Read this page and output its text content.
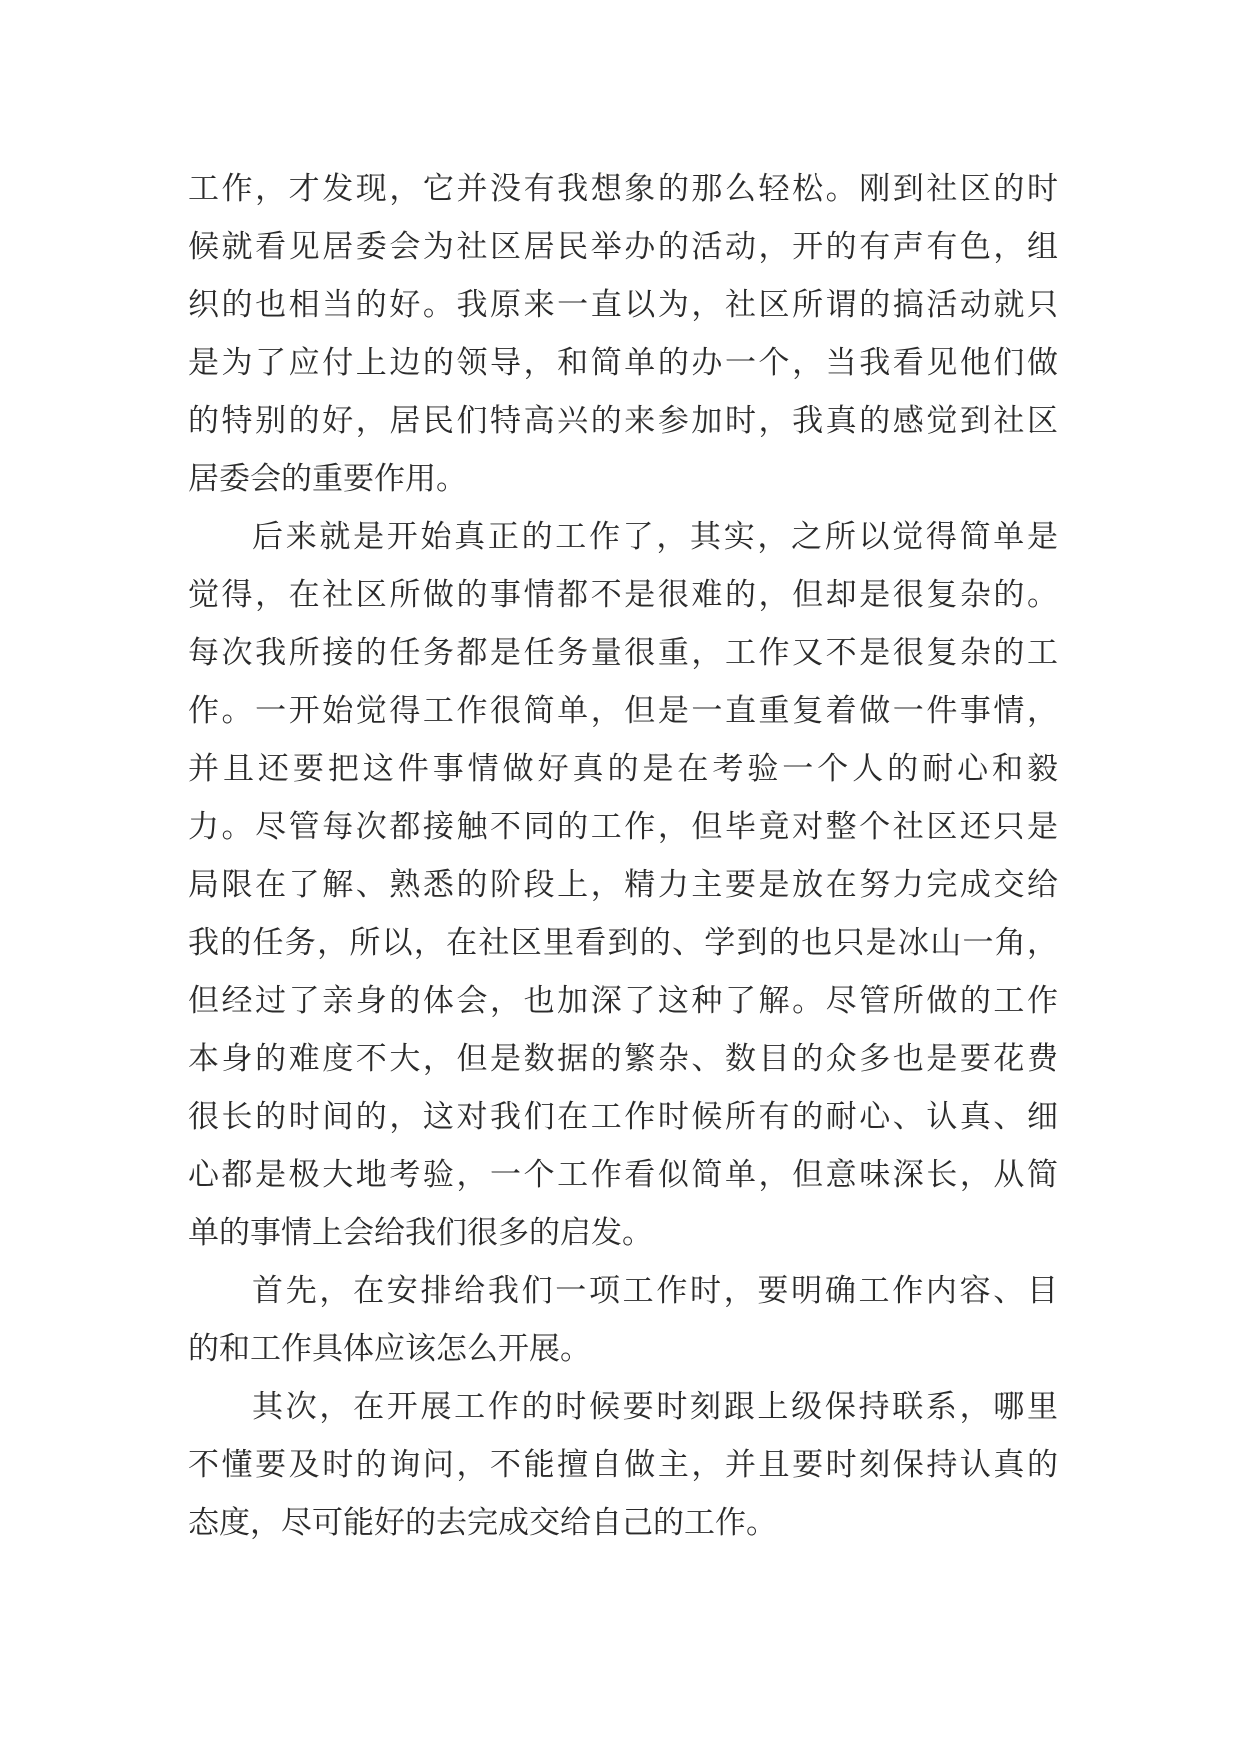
工作，才发现，它并没有我想象的那么轻松。刚到社区的时
候就看见居委会为社区居民举办的活动，开的有声有色，组
织的也相当的好。我原来一直以为，社区所谓的搞活动就只
是为了应付上边的领导，和简单的办一个，当我看见他们做
的特别的好，居民们特高兴的来参加时，我真的感觉到社区
居委会的重要作用。
后来就是开始真正的工作了，其实，之所以觉得简单是
觉得，在社区所做的事情都不是很难的，但却是很复杂的。
每次我所接的任务都是任务量很重，工作又不是很复杂的工
作。一开始觉得工作很简单，但是一直重复着做一件事情，
并且还要把这件事情做好真的是在考验一个人的耐心和毅
力。尽管每次都接触不同的工作，但毕竟对整个社区还只是
局限在了解、熟悉的阶段上，精力主要是放在努力完成交给
我的任务，所以，在社区里看到的、学到的也只是冰山一角，
但经过了亲身的体会，也加深了这种了解。尽管所做的工作
本身的难度不大，但是数据的繁杂、数目的众多也是要花费
很长的时间的，这对我们在工作时候所有的耐心、认真、细
心都是极大地考验，一个工作看似简单，但意味深长，从简
单的事情上会给我们很多的启发。
首先，在安排给我们一项工作时，要明确工作内容、目
的和工作具体应该怎么开展。
其次，在开展工作的时候要时刻跟上级保持联系，哪里
不懂要及时的询问，不能擅自做主，并且要时刻保持认真的
态度，尽可能好的去完成交给自己的工作。
